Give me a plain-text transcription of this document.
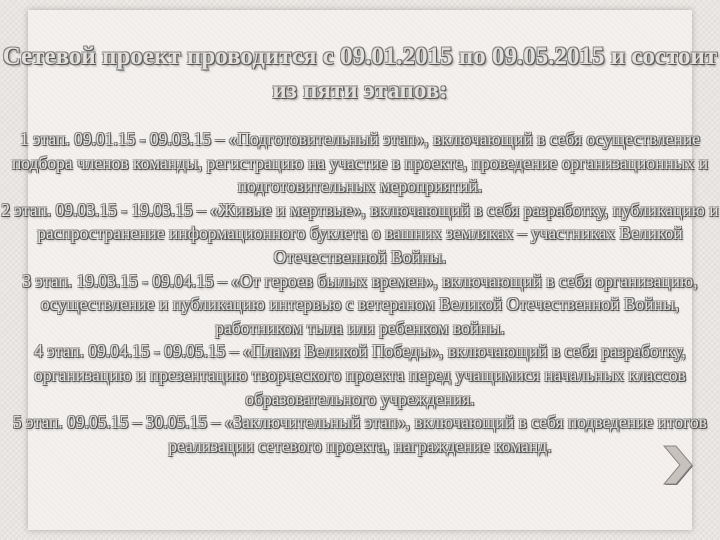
Сетевой проект проводится с 09.01.2015 по 09.05.2015 и состоит из пяти этапов:
1 этап. 09.01.15 - 09.03.15 – «Подготовительный этап», включающий в себя осуществление подбора членов команды, регистрацию на участие в проекте, проведение организационных и подготовительных мероприятий.
2 этап. 09.03.15 - 19.03.15 – «Живые и мертвые», включающий в себя разработку, публикацию и распространение информационного буклета о вашних земляках – участниках Великой Отечественной Войны.
3 этап. 19.03.15 - 09.04.15 – «От героев былых времен», включающий в себя организацию, осуществление и публикацию интервью с ветераном Великой Отечественной Войны, работником тыла или ребенком войны.
4 этап. 09.04.15 - 09.05.15 – «Пламя Великой Победы», включающий в себя разработку, организацию и презентацию творческого проекта перед учащимися начальных классов образовательного учреждения.
5 этап. 09.05.15 – 30.05.15 – «Заключительный этап», включающий в себя подведение итогов реализации сетевого проекта, награждение команд.
